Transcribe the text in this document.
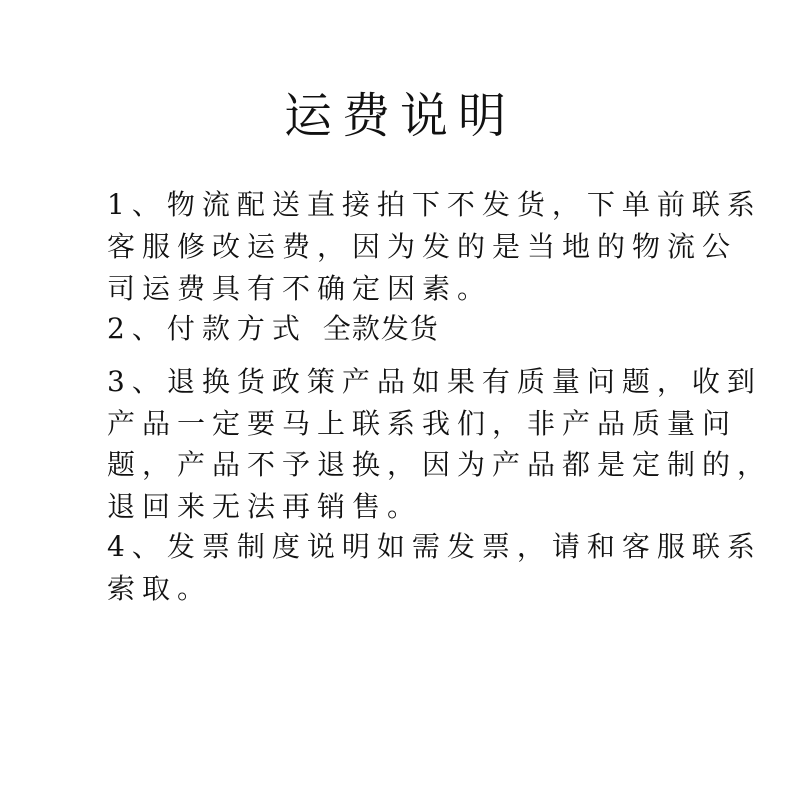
运费说明

1、物流配送直接拍下不发货，下单前联系

客服修改运费，因为发的是当地的物流公

司运费具有不确定因素。

2、付款方式 全款发货

3、退换货政策产品如果有质量问题，收到

产品一定要马上联系我们，非产品质量问

题，产品不予退换，因为产品都是定制的，

退回来无法再销售。

4、发票制度说明如需发票，请和客服联系

索取。
